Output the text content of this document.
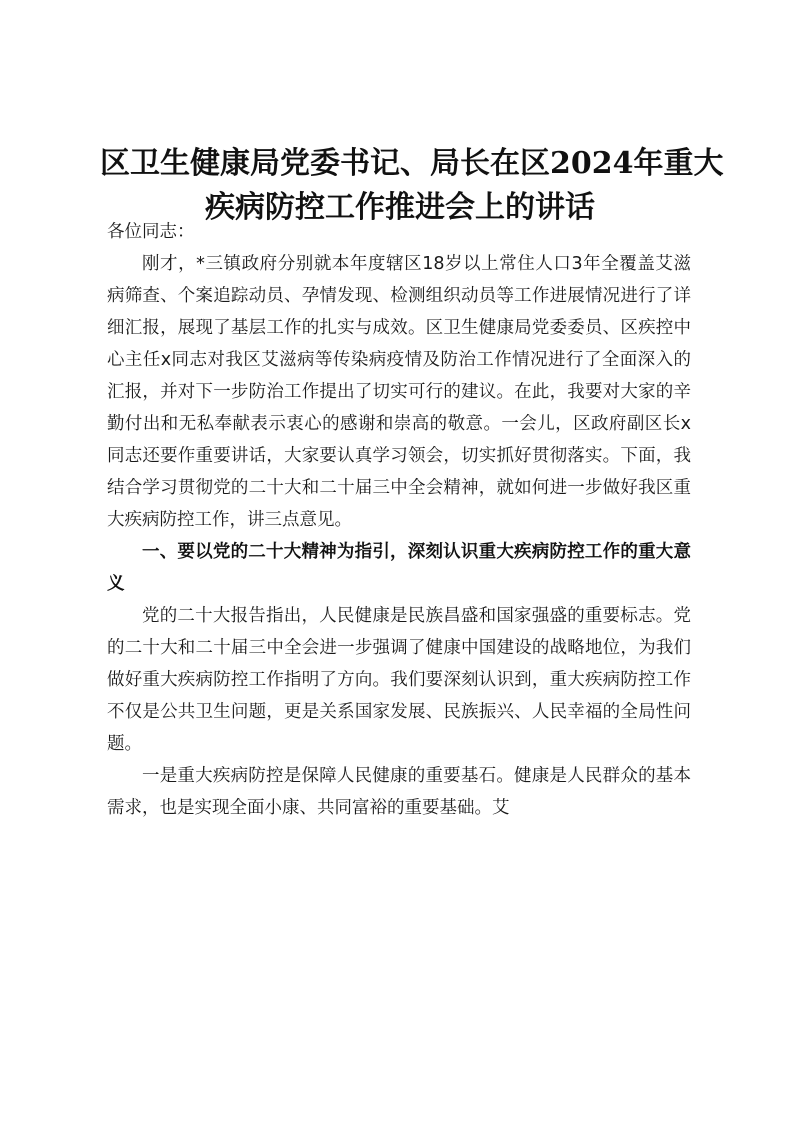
区卫生健康局党委书记、局长在区2024年重大
疾病防控工作推进会上的讲话

各位同志：

刚才，*三镇政府分别就本年度辖区18岁以上常住人口3年全覆盖艾滋病筛查、个案追踪动员、孕情发现、检测组织动员等工作进展情况进行了详细汇报，展现了基层工作的扎实与成效。区卫生健康局党委委员、区疾控中心主任x同志对我区艾滋病等传染病疫情及防治工作情况进行了全面深入的汇报，并对下一步防治工作提出了切实可行的建议。在此，我要对大家的辛勤付出和无私奉献表示衷心的感谢和崇高的敬意。一会儿，区政府副区长x同志还要作重要讲话，大家要认真学习领会，切实抓好贯彻落实。下面，我结合学习贯彻党的二十大和二十届三中全会精神，就如何进一步做好我区重大疾病防控工作，讲三点意见。

一、要以党的二十大精神为指引，深刻认识重大疾病防控工作的重大意义

党的二十大报告指出，人民健康是民族昌盛和国家强盛的重要标志。党的二十大和二十届三中全会进一步强调了健康中国建设的战略地位，为我们做好重大疾病防控工作指明了方向。我们要深刻认识到，重大疾病防控工作不仅是公共卫生问题，更是关系国家发展、民族振兴、人民幸福的全局性问题。

一是重大疾病防控是保障人民健康的重要基石。健康是人民群众的基本需求，也是实现全面小康、共同富裕的重要基础。艾
